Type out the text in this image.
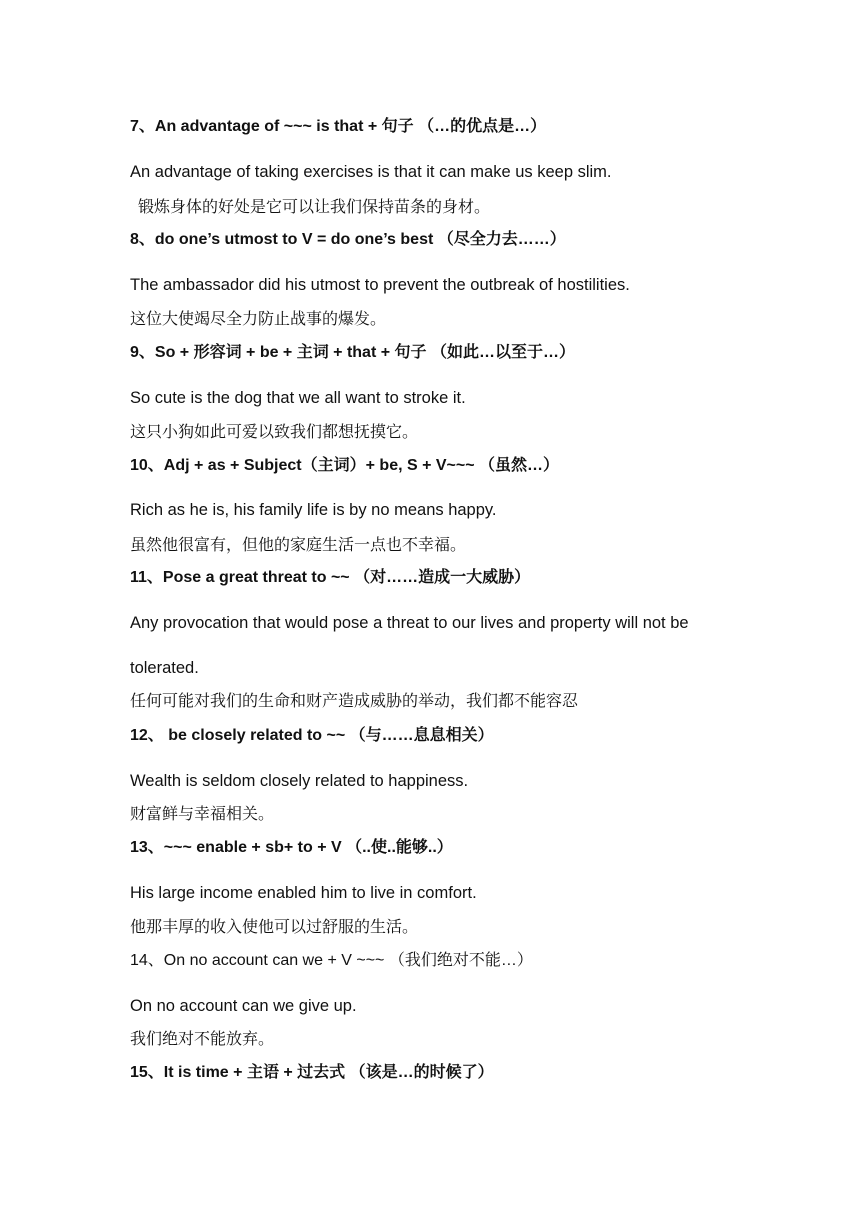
7、An advantage of ~~~ is that + 句子 （…的优点是…）
An advantage of taking exercises is that it can make us keep slim.
锻炼身体的好处是它可以让我们保持苗条的身材。
8、do one’s utmost to V = do one’s best （尽全力去……）
The ambassador did his utmost to prevent the outbreak of hostilities.
这位大使竭尽全力防止战事的爆发。
9、So + 形容词 + be + 主词 + that + 句子 （如此…以至于…）
So cute is the dog that we all want to stroke it.
这只小狗如此可爱以致我们都想抚摸它。
10、Adj + as + Subject（主词）+ be, S + V~~~ （虽然…）
Rich as he is, his family life is by no means happy.
虽然他很富有，但他的家庭生活一点也不幸福。
11、Pose a great threat to ~~ （对……造成一大威胁）
Any provocation that would pose a threat to our lives and property will not be
tolerated.
任何可能对我们的生命和财产造成威胁的举动，我们都不能容忍
12、 be closely related to ~~ （与……息息相关）
Wealth is seldom closely related to happiness.
财富鲜与幸福相关。
13、~~~ enable + sb+ to + V （..使..能够..）
His large income enabled him to live in comfort.
他那丰厚的收入使他可以过舒服的生活。
14、On no account can we + V ~~~ （我们绝对不能…）
On no account can we give up.
我们绝对不能放弃。
15、It is time + 主语 + 过去式 （该是…的时候了）
